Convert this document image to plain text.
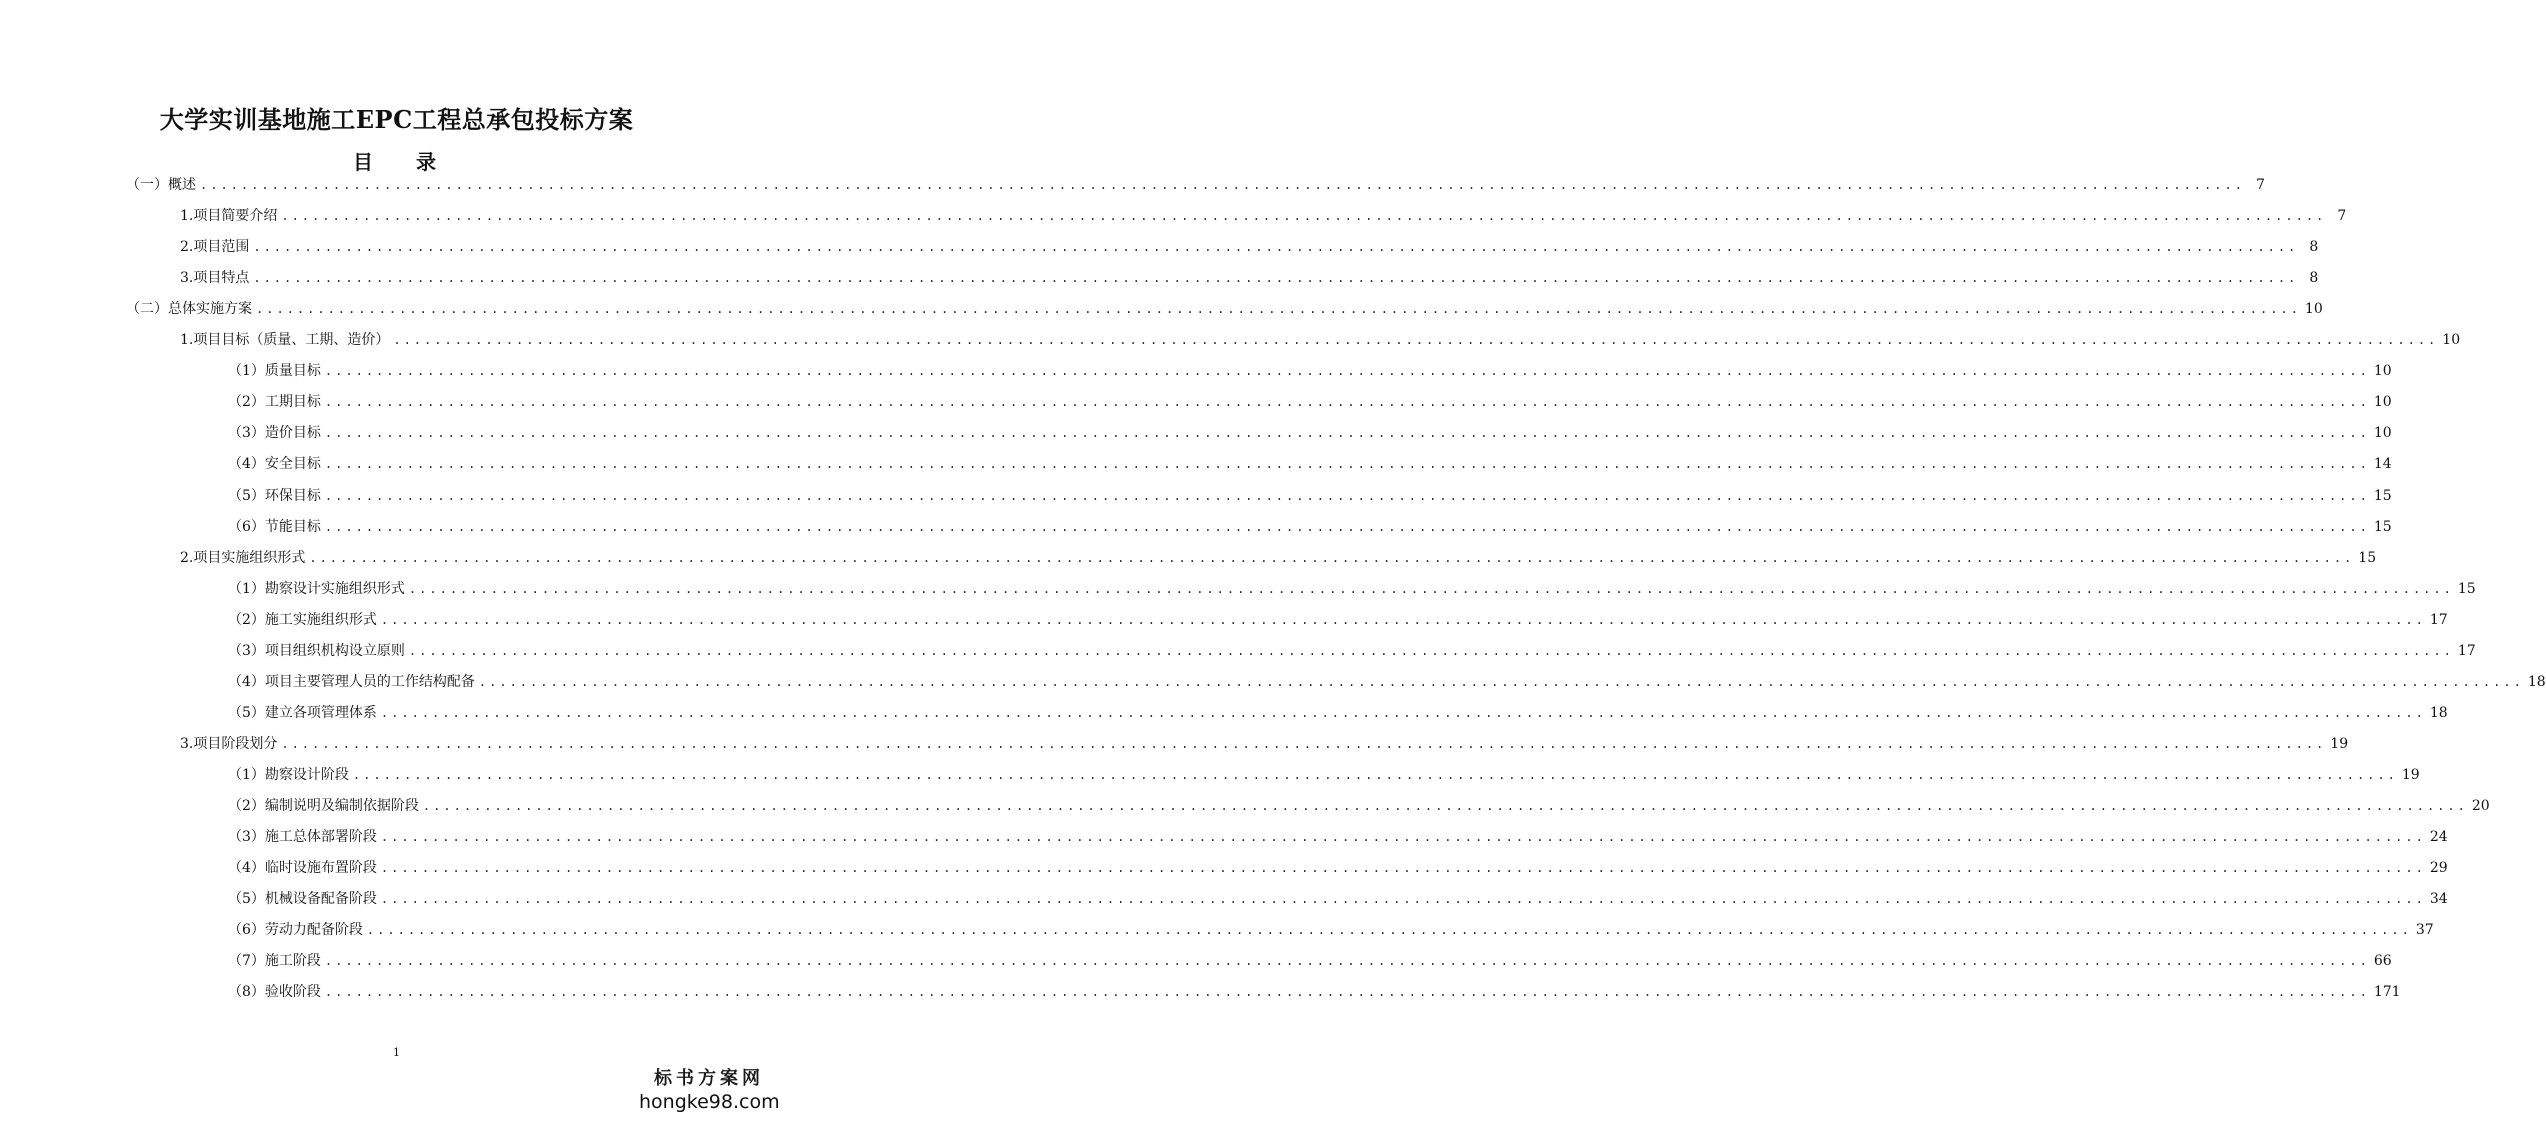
大学实训基地施工EPC工程总承包投标方案
目 录
（一）概述 ........................................................................................................................................................................................................ 7
1.项目简要介绍 ........................................................................................................................................................................................................ 7
2.项目范围 ........................................................................................................................................................................................................ 8
3.项目特点 ........................................................................................................................................................................................................ 8
（二）总体实施方案 ........................................................................................................................................................................................................ 10
1.项目目标（质量、工期、造价） ........................................................................................................................................................................................................ 10
（1）质量目标 ........................................................................................................................................................................................................ 10
（2）工期目标 ........................................................................................................................................................................................................ 10
（3）造价目标 ........................................................................................................................................................................................................ 10
（4）安全目标 ........................................................................................................................................................................................................ 14
（5）环保目标 ........................................................................................................................................................................................................ 15
（6）节能目标 ........................................................................................................................................................................................................ 15
2.项目实施组织形式 ........................................................................................................................................................................................................ 15
（1）勘察设计实施组织形式 ........................................................................................................................................................................................................ 15
（2）施工实施组织形式 ........................................................................................................................................................................................................ 17
（3）项目组织机构设立原则 ........................................................................................................................................................................................................ 17
（4）项目主要管理人员的工作结构配备 ........................................................................................................................................................................................................ 18
（5）建立各项管理体系 ........................................................................................................................................................................................................ 18
3.项目阶段划分 ........................................................................................................................................................................................................ 19
（1）勘察设计阶段 ........................................................................................................................................................................................................ 19
（2）编制说明及编制依据阶段 ........................................................................................................................................................................................................ 20
（3）施工总体部署阶段 ........................................................................................................................................................................................................ 24
（4）临时设施布置阶段 ........................................................................................................................................................................................................ 29
（5）机械设备配备阶段 ........................................................................................................................................................................................................ 34
（6）劳动力配备阶段 ........................................................................................................................................................................................................ 37
（7）施工阶段 ........................................................................................................................................................................................................ 66
（8）验收阶段 ........................................................................................................................................................................................................ 171
1
标书方案网
hongke98.com
